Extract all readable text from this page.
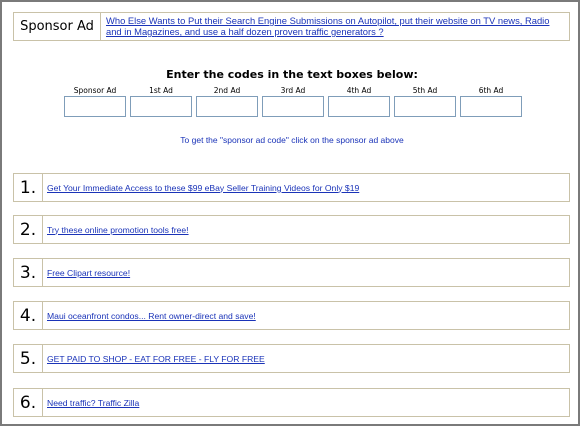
Sponsor Ad	Who Else Wants to Put their Search Engine Submissions on Autopilot, put their website on TV news, Radio and in Magazines, and use a half dozen proven traffic generators ?
Enter the codes in the text boxes below:
Sponsor Ad	1st Ad	2nd Ad	3rd Ad	4th Ad	5th Ad	6th Ad
To get the "sponsor ad code" click on the sponsor ad above
1.	Get Your Immediate Access to these $99 eBay Seller Training Videos for Only $19
2.	Try these online promotion tools free!
3.	Free Clipart resource!
4.	Maui oceanfront condos... Rent owner-direct and save!
5.	GET PAID TO SHOP - EAT FOR FREE - FLY FOR FREE
6.	Need traffic? Traffic Zilla
